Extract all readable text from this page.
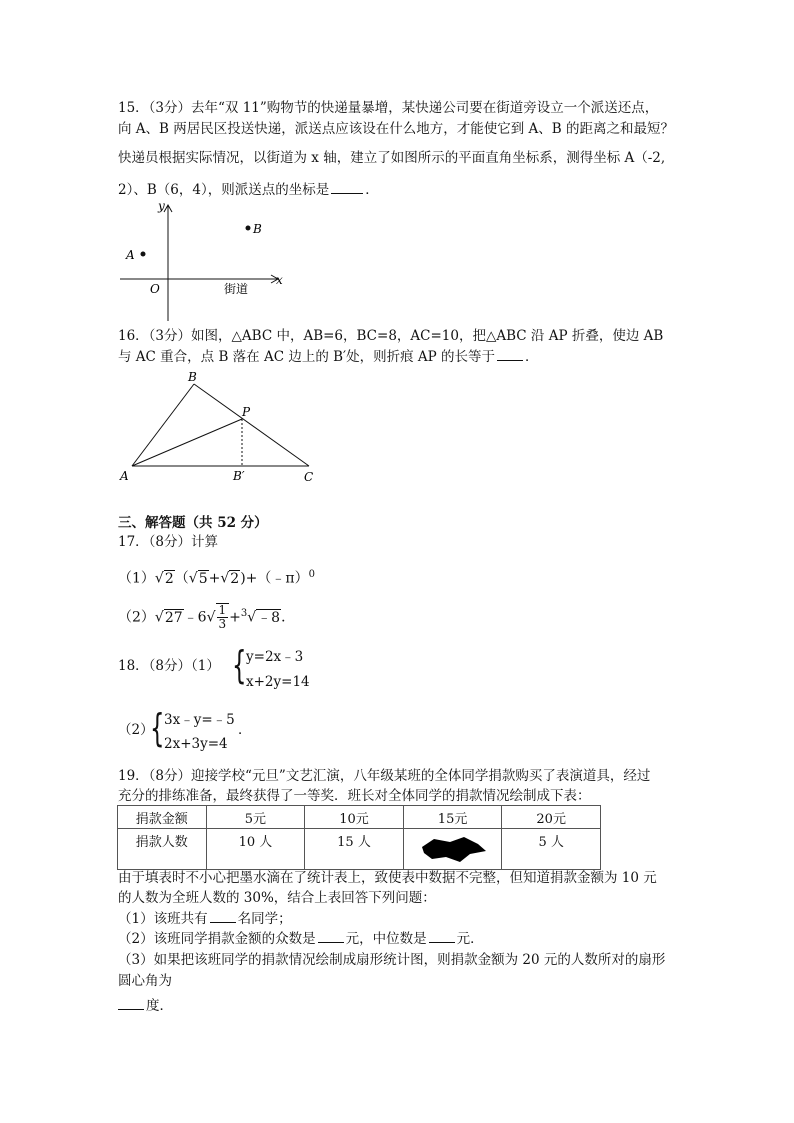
15．（3分）去年“双 11”购物节的快递量暴增，某快递公司要在街道旁设立一个派送还点，
向 A、B 两居民区投送快递，派送点应该设在什么地方，才能使它到 A、B 的距离之和最短？
快递员根据实际情况，以街道为 x 轴，建立了如图所示的平面直角坐标系，测得坐标 A（-2,
2）、B（6，4），则派送点的坐标是	．
y
x
O
A
B
街道
16．（3分）如图，△ABC 中，AB=6，BC=8，AC=10，把△ABC 沿 AP 折叠，使边 AB
与 AC 重合，点 B 落在 AC 边上的 B′处，则折痕 AP 的长等于 ．
B
P
A	B′	C
三、解答题（共 52 分）
17．（8分）计算
（1）√2（√5+√2)+（﹣π）$^0$
（2）√27﹣6√ $\frac{1}{3}$ +$^3$√﹣8．
18．（8分）（1） { y=2x﹣3
x+2y=14
（2）
{ 3x﹣y=﹣5
2x+3y=4
．
19．（8分）迎接学校“元旦”文艺汇演，八年级某班的全体同学捐款购买了表演道具，经过
充分的排练准备，最终获得了一等奖．班长对全体同学的捐款情况绘制成下表：
捐款金额	5元	10元	15元	20元
捐款人数	10 人	15 人		5 人
由于填表时不小心把墨水滴在了统计表上，致使表中数据不完整，但知道捐款金额为 10 元
的人数为全班人数的 30%，结合上表回答下列问题：
（1）该班共有 名同学；
（2）该班同学捐款金额的众数是 元，中位数是 元．
（3）如果把该班同学的捐款情况绘制成扇形统计图，则捐款金额为 20 元的人数所对的扇形
圆心角为
度．
